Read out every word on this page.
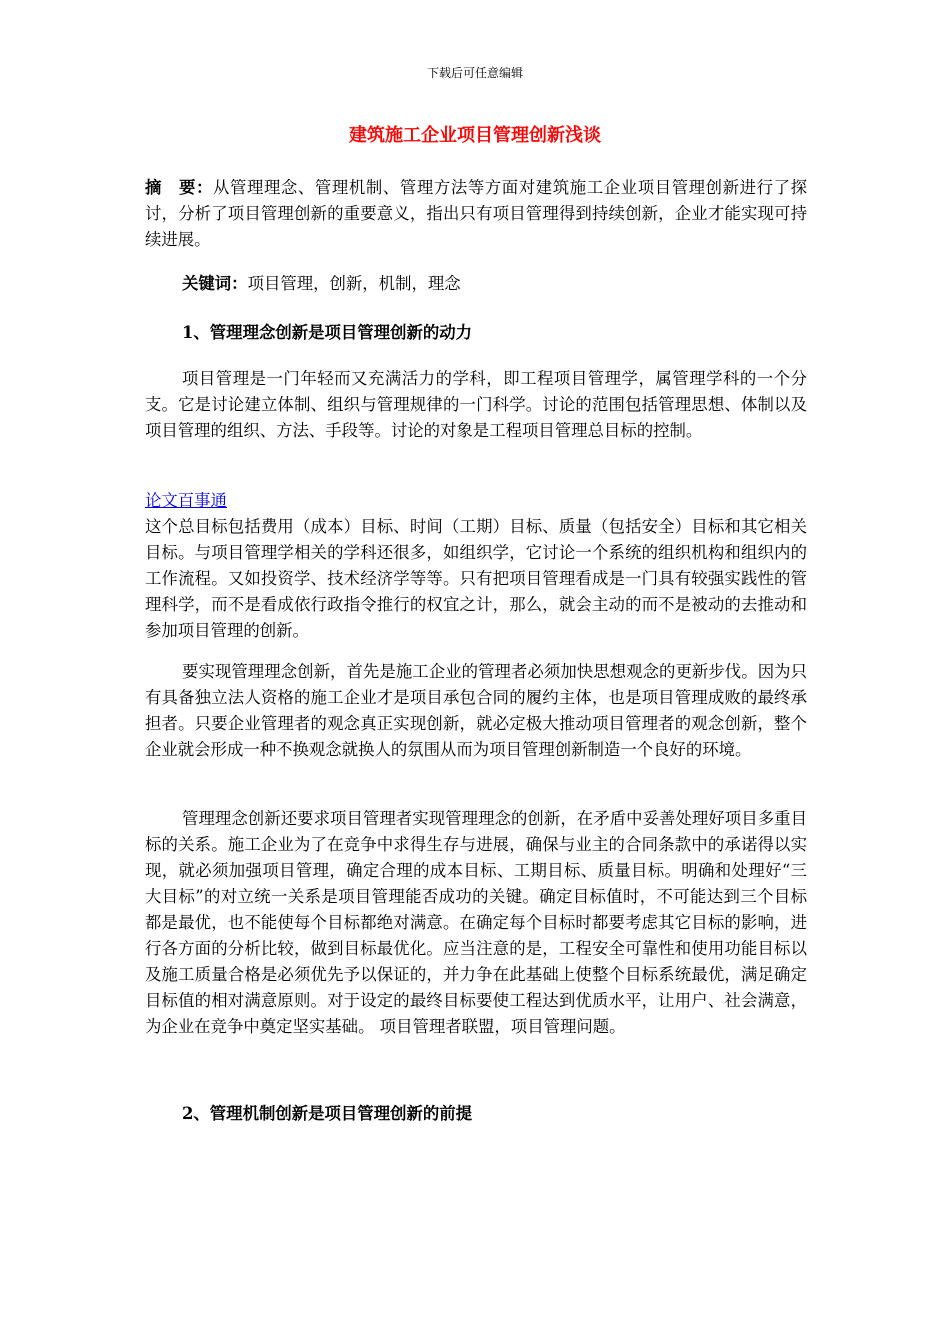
下载后可任意编辑
建筑施工企业项目管理创新浅谈
摘　要：从管理理念、管理机制、管理方法等方面对建筑施工企业项目管理创新进行了探讨，分析了项目管理创新的重要意义，指出只有项目管理得到持续创新，企业才能实现可持续进展。
关键词：项目管理，创新，机制，理念
1、管理理念创新是项目管理创新的动力
项目管理是一门年轻而又充满活力的学科，即工程项目管理学，属管理学科的一个分支。它是讨论建立体制、组织与管理规律的一门科学。讨论的范围包括管理思想、体制以及项目管理的组织、方法、手段等。讨论的对象是工程项目管理总目标的控制。
论文百事通
这个总目标包括费用（成本）目标、时间（工期）目标、质量（包括安全）目标和其它相关目标。与项目管理学相关的学科还很多，如组织学，它讨论一个系统的组织机构和组织内的工作流程。又如投资学、技术经济学等等。只有把项目管理看成是一门具有较强实践性的管理科学，而不是看成依行政指令推行的权宜之计，那么，就会主动的而不是被动的去推动和参加项目管理的创新。
要实现管理理念创新，首先是施工企业的管理者必须加快思想观念的更新步伐。因为只有具备独立法人资格的施工企业才是项目承包合同的履约主体，也是项目管理成败的最终承担者。只要企业管理者的观念真正实现创新，就必定极大推动项目管理者的观念创新，整个企业就会形成一种不换观念就换人的氛围从而为项目管理创新制造一个良好的环境。
管理理念创新还要求项目管理者实现管理理念的创新，在矛盾中妥善处理好项目多重目标的关系。施工企业为了在竞争中求得生存与进展，确保与业主的合同条款中的承诺得以实现，就必须加强项目管理，确定合理的成本目标、工期目标、质量目标。明确和处理好“三大目标”的对立统一关系是项目管理能否成功的关键。确定目标值时，不可能达到三个目标都是最优，也不能使每个目标都绝对满意。在确定每个目标时都要考虑其它目标的影响，进行各方面的分析比较，做到目标最优化。应当注意的是，工程安全可靠性和使用功能目标以及施工质量合格是必须优先予以保证的，并力争在此基础上使整个目标系统最优，满足确定目标值的相对满意原则。对于设定的最终目标要使工程达到优质水平，让用户、社会满意，为企业在竞争中奠定坚实基础。 项目管理者联盟，项目管理问题。
2、管理机制创新是项目管理创新的前提
